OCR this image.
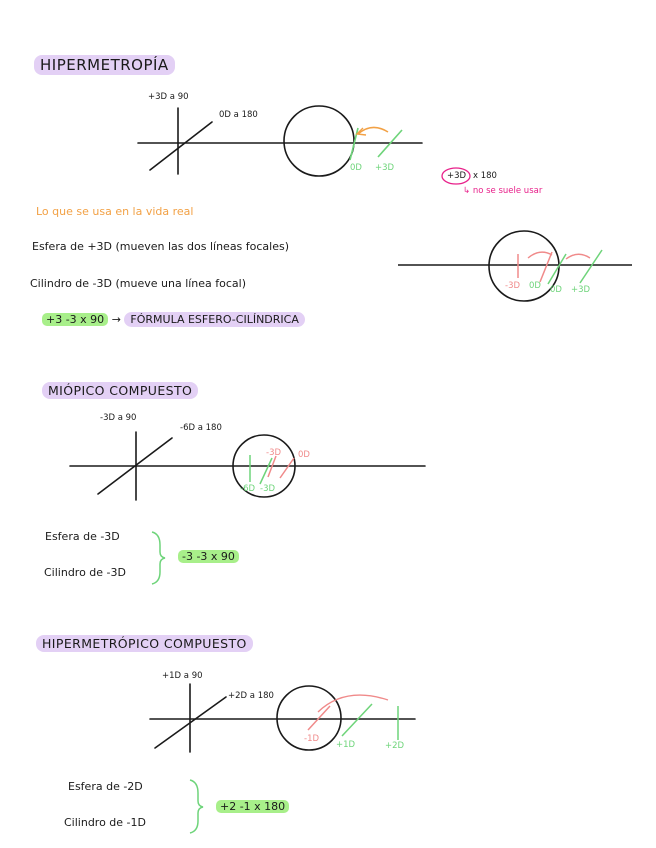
HIPERMETROPÍA
+3D a 90
0D a 180
0D +3D
+3D x 180
↳ no se suele usar
Lo que se usa en la vida real
Esfera de +3D (mueven las dos líneas focales)
Cilindro de -3D (mueve una línea focal)
+3 -3 x 90 → FÓRMULA ESFERO-CILÍNDRICA
-3D 0D 0D +3D
MIÓPICO COMPUESTO
-3D a 90
-6D a 180
-3D 0D
-6D -3D
Esfera de -3D
Cilindro de -3D
-3 -3 x 90
HIPERMETRÓPICO COMPUESTO
+1D a 90
+2D a 180
-1D
+1D	+2D
Esfera de -2D
Cilindro de -1D
+2 -1 x 180
